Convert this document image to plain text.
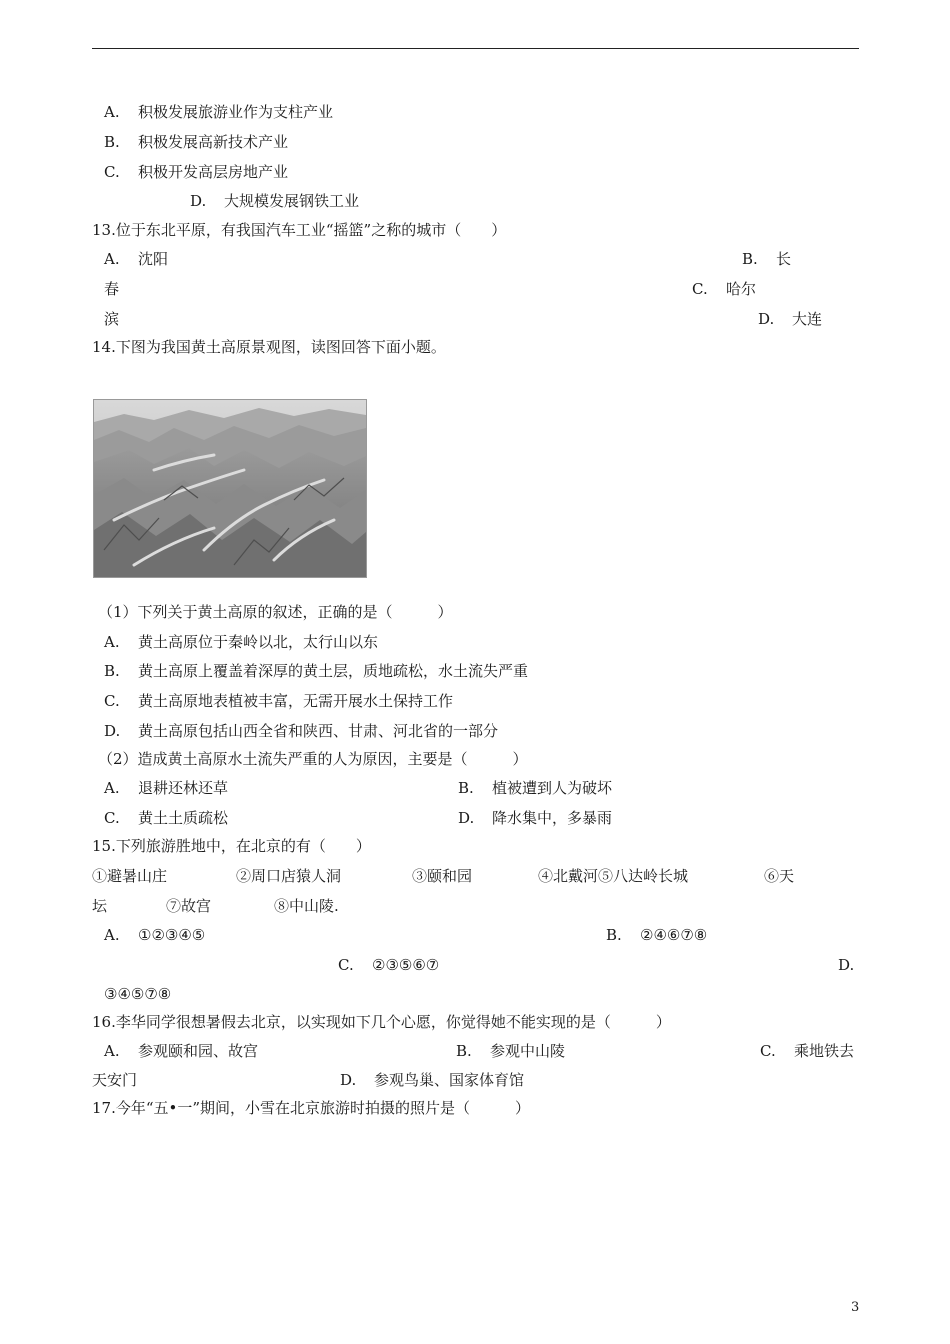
A. 积极发展旅游业作为支柱产业
B. 积极发展高新技术产业
C. 积极开发高层房地产业
D. 大规模发展钢铁工业
13.位于东北平原，有我国汽车工业“摇篮”之称的城市（　　）
A. 沈阳	B. 长
春	C. 哈尔
滨	D. 大连
14.下图为我国黄土高原景观图，读图回答下面小题。
（1）下列关于黄土高原的叙述，正确的是（　　　）
A. 黄土高原位于秦岭以北，太行山以东
B. 黄土高原上覆盖着深厚的黄土层，质地疏松，水土流失严重
C. 黄土高原地表植被丰富，无需开展水土保持工作
D. 黄土高原包括山西全省和陕西、甘肃、河北省的一部分
（2）造成黄土高原水土流失严重的人为原因，主要是（　　　）
A. 退耕还林还草	B. 植被遭到人为破坏
C. 黄土土质疏松	D. 降水集中，多暴雨
15.下列旅游胜地中，在北京的有（　　）
①避暑山庄	②周口店猿人洞	③颐和园	④北戴河⑤八达岭长城	⑥天
坛	⑦故宫	⑧中山陵.
A. ①②③④⑤	B. ②④⑥⑦⑧
C. ②③⑤⑥⑦	D.
③④⑤⑦⑧
16.李华同学很想暑假去北京，以实现如下几个心愿，你觉得她不能实现的是（　　　）
A. 参观颐和园、故宫	B. 参观中山陵	C. 乘地铁去
天安门	D. 参观鸟巢、国家体育馆
17.今年“五•一”期间，小雪在北京旅游时拍摄的照片是（　　　）
3
